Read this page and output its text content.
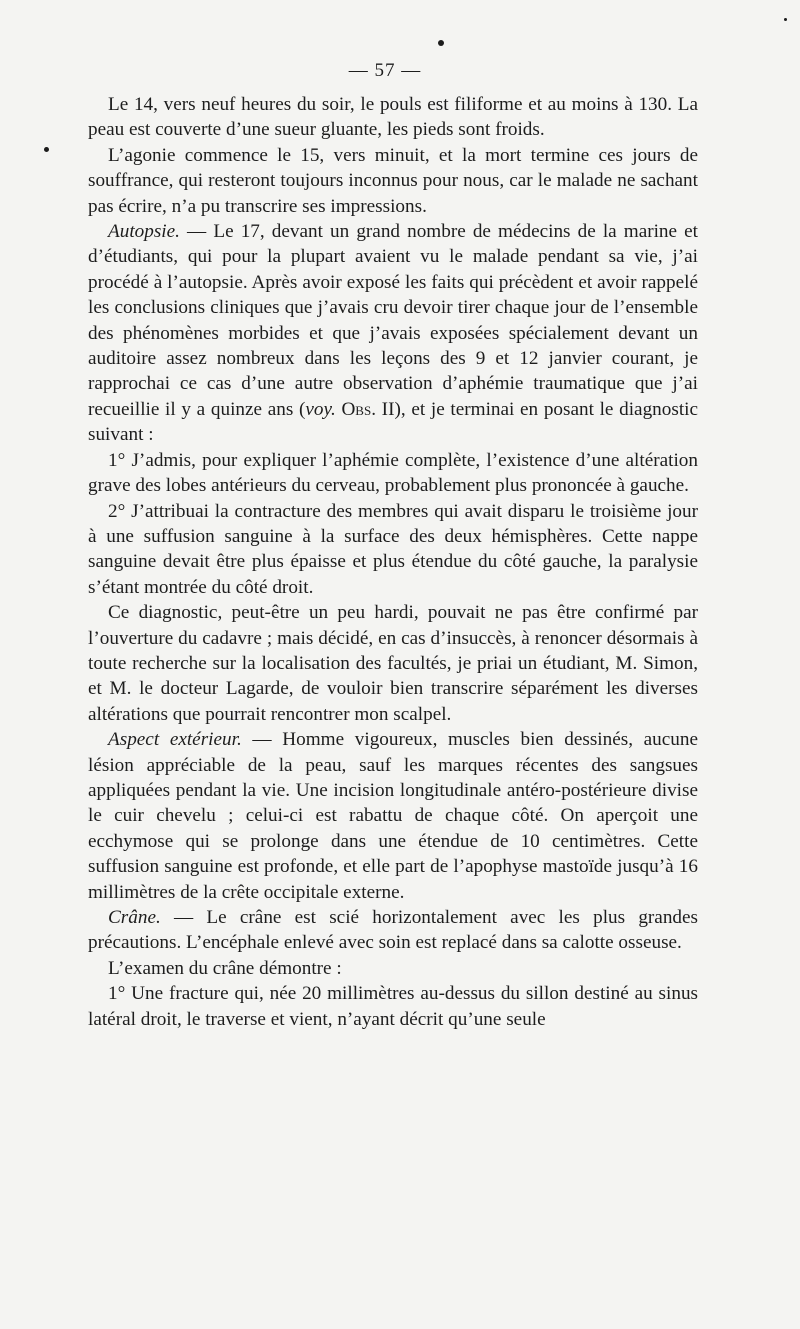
— 57 —

Le 14, vers neuf heures du soir, le pouls est filiforme et au moins à 130. La peau est couverte d’une sueur gluante, les pieds sont froids.

L’agonie commence le 15, vers minuit, et la mort termine ces jours de souffrance, qui resteront toujours inconnus pour nous, car le malade ne sachant pas écrire, n’a pu transcrire ses impressions.

Autopsie. — Le 17, devant un grand nombre de médecins de la marine et d’étudiants, qui pour la plupart avaient vu le malade pendant sa vie, j’ai procédé à l’autopsie. Après avoir exposé les faits qui précèdent et avoir rappelé les conclusions cliniques que j’avais cru devoir tirer chaque jour de l’ensemble des phénomènes morbides et que j’avais exposées spécialement devant un auditoire assez nombreux dans les leçons des 9 et 12 janvier courant, je rapprochai ce cas d’une autre observation d’aphémie traumatique que j’ai recueillie il y a quinze ans (voy. Obs. II), et je terminai en posant le diagnostic suivant :

1° J’admis, pour expliquer l’aphémie complète, l’existence d’une altération grave des lobes antérieurs du cerveau, probablement plus prononcée à gauche.

2° J’attribuai la contracture des membres qui avait disparu le troisième jour à une suffusion sanguine à la surface des deux hémisphères. Cette nappe sanguine devait être plus épaisse et plus étendue du côté gauche, la paralysie s’étant montrée du côté droit.

Ce diagnostic, peut-être un peu hardi, pouvait ne pas être confirmé par l’ouverture du cadavre ; mais décidé, en cas d’insuccès, à renoncer désormais à toute recherche sur la localisation des facultés, je priai un étudiant, M. Simon, et M. le docteur Lagarde, de vouloir bien transcrire séparément les diverses altérations que pourrait rencontrer mon scalpel.

Aspect extérieur. — Homme vigoureux, muscles bien dessinés, aucune lésion appréciable de la peau, sauf les marques récentes des sangsues appliquées pendant la vie. Une incision longitudinale antéro-postérieure divise le cuir chevelu ; celui-ci est rabattu de chaque côté. On aperçoit une ecchymose qui se prolonge dans une étendue de 10 centimètres. Cette suffusion sanguine est profonde, et elle part de l’apophyse mastoïde jusqu’à 16 millimètres de la crête occipitale externe.

Crâne. — Le crâne est scié horizontalement avec les plus grandes précautions. L’encéphale enlevé avec soin est replacé dans sa calotte osseuse.

L’examen du crâne démontre :

1° Une fracture qui, née 20 millimètres au-dessus du sillon destiné au sinus latéral droit, le traverse et vient, n’ayant décrit qu’une seule
